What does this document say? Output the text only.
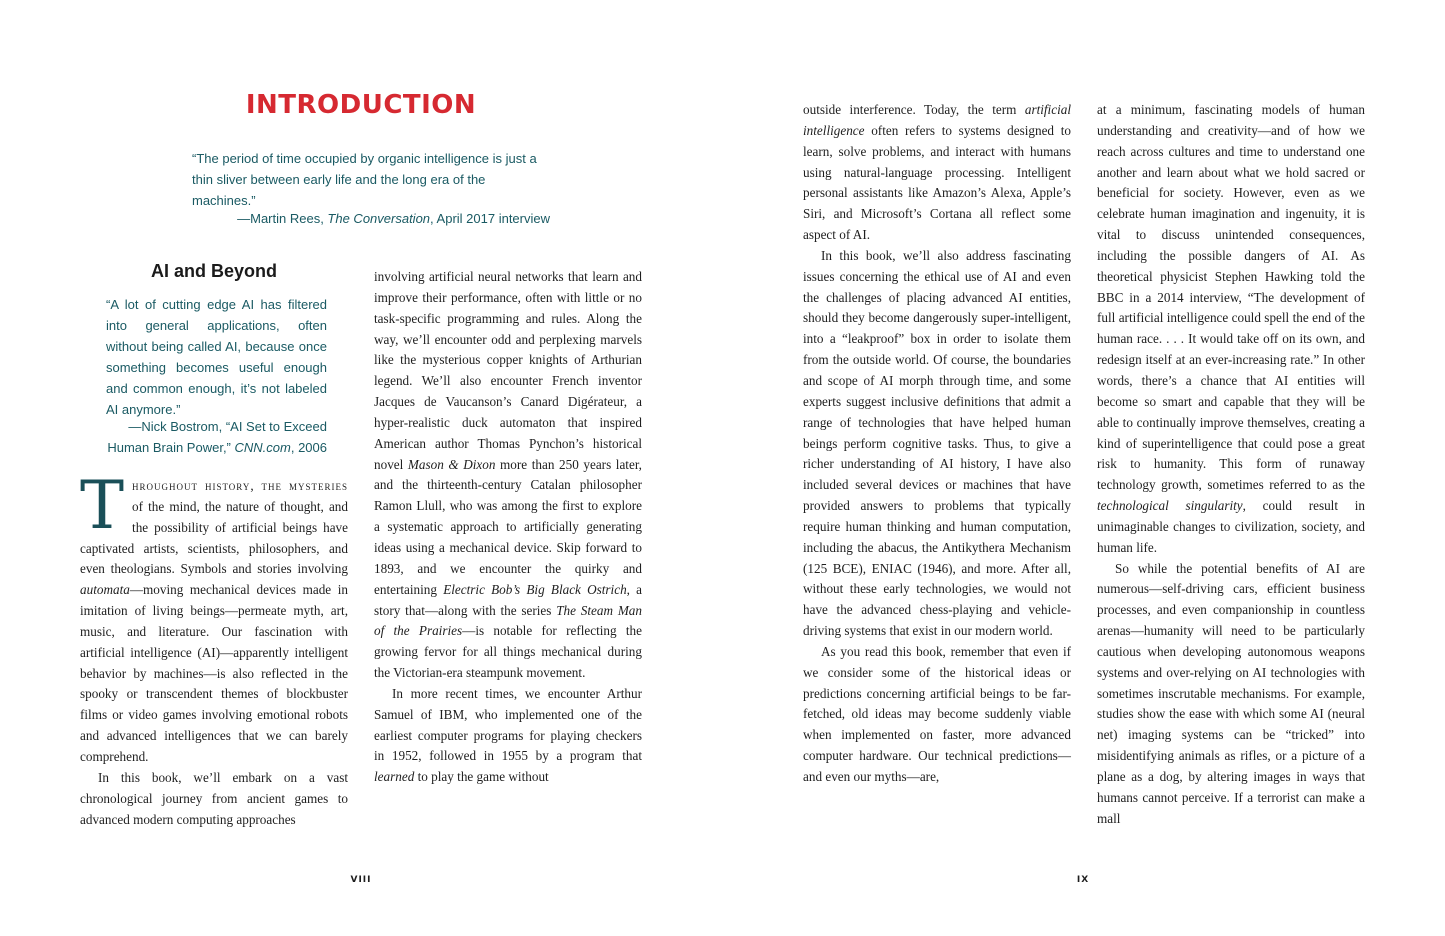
INTRODUCTION

“The period of time occupied by organic intelligence is just a thin sliver between early life and the long era of the machines.”

—Martin Rees, The Conversation, April 2017 interview

AI and Beyond

“A lot of cutting edge AI has filtered into general applications, often without being called AI, because once something becomes useful enough and common enough, it’s not labeled AI anymore.”

—Nick Bostrom, “AI Set to Exceed Human Brain Power,” CNN.com, 2006

Throughout history, the mysteries of the mind, the nature of thought, and the possibility of artificial beings have captivated artists, scientists, philosophers, and even theologians. Symbols and stories involving automata—moving mechanical devices made in imitation of living beings—permeate myth, art, music, and literature. Our fascination with artificial intelligence (AI)—apparently intelligent behavior by machines—is also reflected in the spooky or transcendent themes of blockbuster films or video games involving emotional robots and advanced intelligences that we can barely comprehend.

In this book, we’ll embark on a vast chronological journey from ancient games to advanced modern computing approaches

involving artificial neural networks that learn and improve their performance, often with little or no task-specific programming and rules. Along the way, we’ll encounter odd and perplexing marvels like the mysterious copper knights of Arthurian legend. We’ll also encounter French inventor Jacques de Vaucanson’s Canard Digérateur, a hyper-realistic duck automaton that inspired American author Thomas Pynchon’s historical novel Mason & Dixon more than 250 years later, and the thirteenth-century Catalan philosopher Ramon Llull, who was among the first to explore a systematic approach to artificially generating ideas using a mechanical device. Skip forward to 1893, and we encounter the quirky and entertaining Electric Bob’s Big Black Ostrich, a story that—along with the series The Steam Man of the Prairies—is notable for reflecting the growing fervor for all things mechanical during the Victorian-era steampunk movement.

In more recent times, we encounter Arthur Samuel of IBM, who implemented one of the earliest computer programs for playing checkers in 1952, followed in 1955 by a program that learned to play the game without

VIII

outside interference. Today, the term artificial intelligence often refers to systems designed to learn, solve problems, and interact with humans using natural-language processing. Intelligent personal assistants like Amazon’s Alexa, Apple’s Siri, and Microsoft’s Cortana all reflect some aspect of AI.

In this book, we’ll also address fascinating issues concerning the ethical use of AI and even the challenges of placing advanced AI entities, should they become dangerously super-intelligent, into a “leakproof” box in order to isolate them from the outside world. Of course, the boundaries and scope of AI morph through time, and some experts suggest inclusive definitions that admit a range of technologies that have helped human beings perform cognitive tasks. Thus, to give a richer understanding of AI history, I have also included several devices or machines that have provided answers to problems that typically require human thinking and human computation, including the abacus, the Antikythera Mechanism (125 BCE), ENIAC (1946), and more. After all, without these early technologies, we would not have the advanced chess-playing and vehicle-driving systems that exist in our modern world.

As you read this book, remember that even if we consider some of the historical ideas or predictions concerning artificial beings to be far-fetched, old ideas may become suddenly viable when implemented on faster, more advanced computer hardware. Our technical predictions—and even our myths—are,

at a minimum, fascinating models of human understanding and creativity—and of how we reach across cultures and time to understand one another and learn about what we hold sacred or beneficial for society. However, even as we celebrate human imagination and ingenuity, it is vital to discuss unintended consequences, including the possible dangers of AI. As theoretical physicist Stephen Hawking told the BBC in a 2014 interview, “The development of full artificial intelligence could spell the end of the human race. . . . It would take off on its own, and redesign itself at an ever-increasing rate.” In other words, there’s a chance that AI entities will become so smart and capable that they will be able to continually improve themselves, creating a kind of superintelligence that could pose a great risk to humanity. This form of runaway technology growth, sometimes referred to as the technological singularity, could result in unimaginable changes to civilization, society, and human life.

So while the potential benefits of AI are numerous—self-driving cars, efficient business processes, and even companionship in countless arenas—humanity will need to be particularly cautious when developing autonomous weapons systems and over-relying on AI technologies with sometimes inscrutable mechanisms. For example, studies show the ease with which some AI (neural net) imaging systems can be “tricked” into misidentifying animals as rifles, or a picture of a plane as a dog, by altering images in ways that humans cannot perceive. If a terrorist can make a mall

IX
